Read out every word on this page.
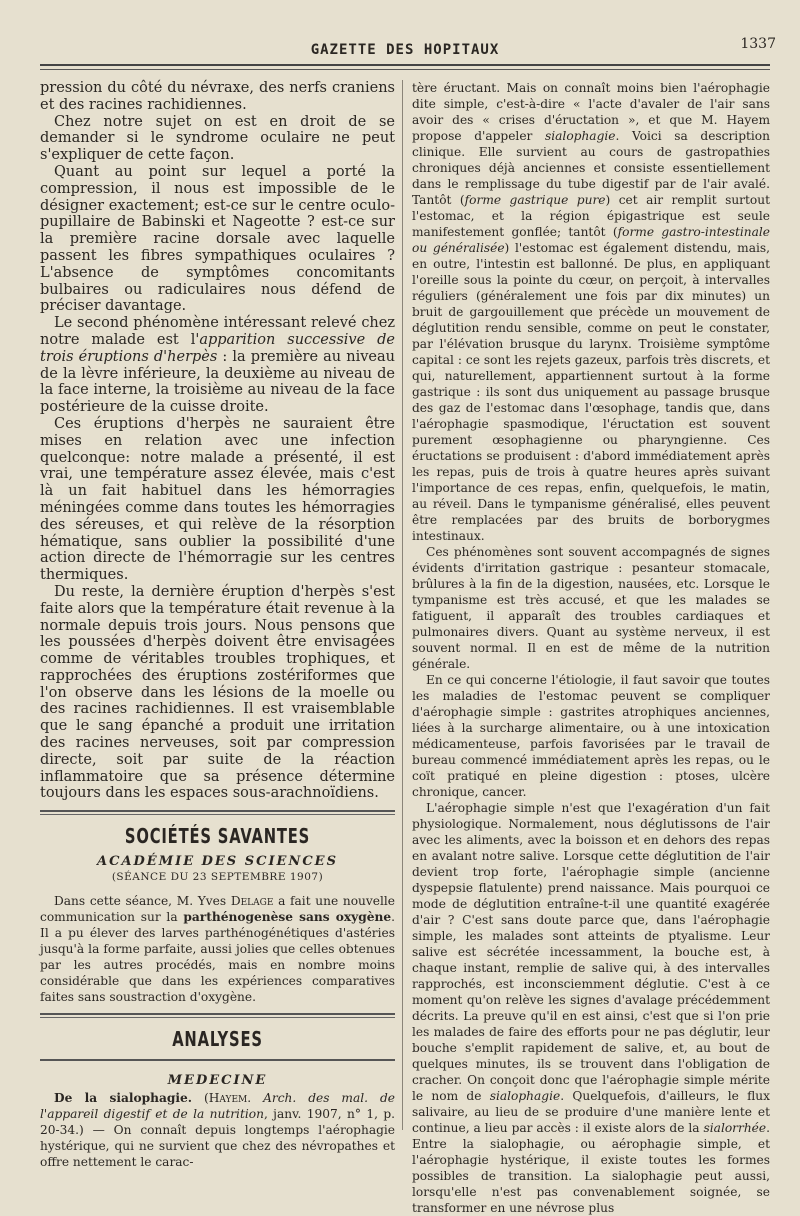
GAZETTE DES HOPITAUX	1337

pression du côté du névraxe, des nerfs craniens et des racines rachidiennes.

Chez notre sujet on est en droit de se demander si le syndrome oculaire ne peut s'expliquer de cette façon.

Quant au point sur lequel a porté la compression, il nous est impossible de le désigner exactement; est-ce sur le centre oculo-pupillaire de Babinski et Nageotte ? est-ce sur la première racine dorsale avec laquelle passent les fibres sympathiques oculaires ? L'absence de symptômes concomitants bulbaires ou radiculaires nous défend de préciser davantage.

Le second phénomène intéressant relevé chez notre malade est l'apparition successive de trois éruptions d'herpès : la première au niveau de la lèvre inférieure, la deuxième au niveau de la face interne, la troisième au niveau de la face postérieure de la cuisse droite.

Ces éruptions d'herpès ne sauraient être mises en relation avec une infection quelconque: notre malade a présenté, il est vrai, une température assez élevée, mais c'est là un fait habituel dans les hémorragies méningées comme dans toutes les hémorragies des séreuses, et qui relève de la résorption hématique, sans oublier la possibilité d'une action directe de l'hémorragie sur les centres thermiques.

Du reste, la dernière éruption d'herpès s'est faite alors que la température était revenue à la normale depuis trois jours. Nous pensons que les poussées d'herpès doivent être envisagées comme de véritables troubles trophiques, et rapprochées des éruptions zostériformes que l'on observe dans les lésions de la moelle ou des racines rachidiennes. Il est vraisemblable que le sang épanché a produit une irritation des racines nerveuses, soit par compression directe, soit par suite de la réaction inflammatoire que sa présence détermine toujours dans les espaces sous-arachnoïdiens.

SOCIÉTÉS SAVANTES
ACADÉMIE DES SCIENCES
(SÉANCE DU 23 SEPTEMBRE 1907)

Dans cette séance, M. Yves Delage a fait une nouvelle communication sur la parthénogenèse sans oxygène. Il a pu élever des larves parthénogénétiques d'astéries jusqu'à la forme parfaite, aussi jolies que celles obtenues par les autres procédés, mais en nombre moins considérable que dans les expériences comparatives faites sans soustraction d'oxygène.

ANALYSES
MEDECINE

De la sialophagie. (Hayem. Arch. des mal. de l'appareil digestif et de la nutrition, janv. 1907, n° 1, p. 20-34.) — On connaît depuis longtemps l'aérophagie hystérique, qui ne survient que chez des névropathes et offre nettement le carac-

tère éructant. Mais on connaît moins bien l'aérophagie dite simple, c'est-à-dire « l'acte d'avaler de l'air sans avoir des « crises d'éructation », et que M. Hayem propose d'appeler sialophagie. Voici sa description clinique. Elle survient au cours de gastropathies chroniques déjà anciennes et consiste essentiellement dans le remplissage du tube digestif par de l'air avalé. Tantôt (forme gastrique pure) cet air remplit surtout l'estomac, et la région épigastrique est seule manifestement gonflée; tantôt (forme gastro-intestinale ou généralisée) l'estomac est également distendu, mais, en outre, l'intestin est ballonné. De plus, en appliquant l'oreille sous la pointe du cœur, on perçoit, à intervalles réguliers (généralement une fois par dix minutes) un bruit de gargouillement que précède un mouvement de déglutition rendu sensible, comme on peut le constater, par l'élévation brusque du larynx. Troisième symptôme capital : ce sont les rejets gazeux, parfois très discrets, et qui, naturellement, appartiennent surtout à la forme gastrique : ils sont dus uniquement au passage brusque des gaz de l'estomac dans l'œsophage, tandis que, dans l'aérophagie spasmodique, l'éructation est souvent purement œsophagienne ou pharyngienne. Ces éructations se produisent : d'abord immédiatement après les repas, puis de trois à quatre heures après suivant l'importance de ces repas, enfin, quelquefois, le matin, au réveil. Dans le tympanisme généralisé, elles peuvent être remplacées par des bruits de borborygmes intestinaux.

Ces phénomènes sont souvent accompagnés de signes évidents d'irritation gastrique : pesanteur stomacale, brûlures à la fin de la digestion, nausées, etc. Lorsque le tympanisme est très accusé, et que les malades se fatiguent, il apparaît des troubles cardiaques et pulmonaires divers. Quant au système nerveux, il est souvent normal. Il en est de même de la nutrition générale.

En ce qui concerne l'étiologie, il faut savoir que toutes les maladies de l'estomac peuvent se compliquer d'aérophagie simple : gastrites atrophiques anciennes, liées à la surcharge alimentaire, ou à une intoxication médicamenteuse, parfois favorisées par le travail de bureau commencé immédiatement après les repas, ou le coït pratiqué en pleine digestion : ptoses, ulcère chronique, cancer.

L'aérophagie simple n'est que l'exagération d'un fait physiologique. Normalement, nous déglutissons de l'air avec les aliments, avec la boisson et en dehors des repas en avalant notre salive. Lorsque cette déglutition de l'air devient trop forte, l'aérophagie simple (ancienne dyspepsie flatulente) prend naissance. Mais pourquoi ce mode de déglutition entraîne-t-il une quantité exagérée d'air ? C'est sans doute parce que, dans l'aérophagie simple, les malades sont atteints de ptyalisme. Leur salive est sécrétée incessamment, la bouche est, à chaque instant, remplie de salive qui, à des intervalles rapprochés, est inconsciemment déglutie. C'est à ce moment qu'on relève les signes d'avalage précédemment décrits. La preuve qu'il en est ainsi, c'est que si l'on prie les malades de faire des efforts pour ne pas déglutir, leur bouche s'emplit rapidement de salive, et, au bout de quelques minutes, ils se trouvent dans l'obligation de cracher. On conçoit donc que l'aérophagie simple mérite le nom de sialophagie. Quelquefois, d'ailleurs, le flux salivaire, au lieu de se produire d'une manière lente et continue, a lieu par accès : il existe alors de la sialorrhée. Entre la sialophagie, ou aérophagie simple, et l'aérophagie hystérique, il existe toutes les formes possibles de transition. La sialophagie peut aussi, lorsqu'elle n'est pas convenablement soignée, se transformer en une névrose plus
